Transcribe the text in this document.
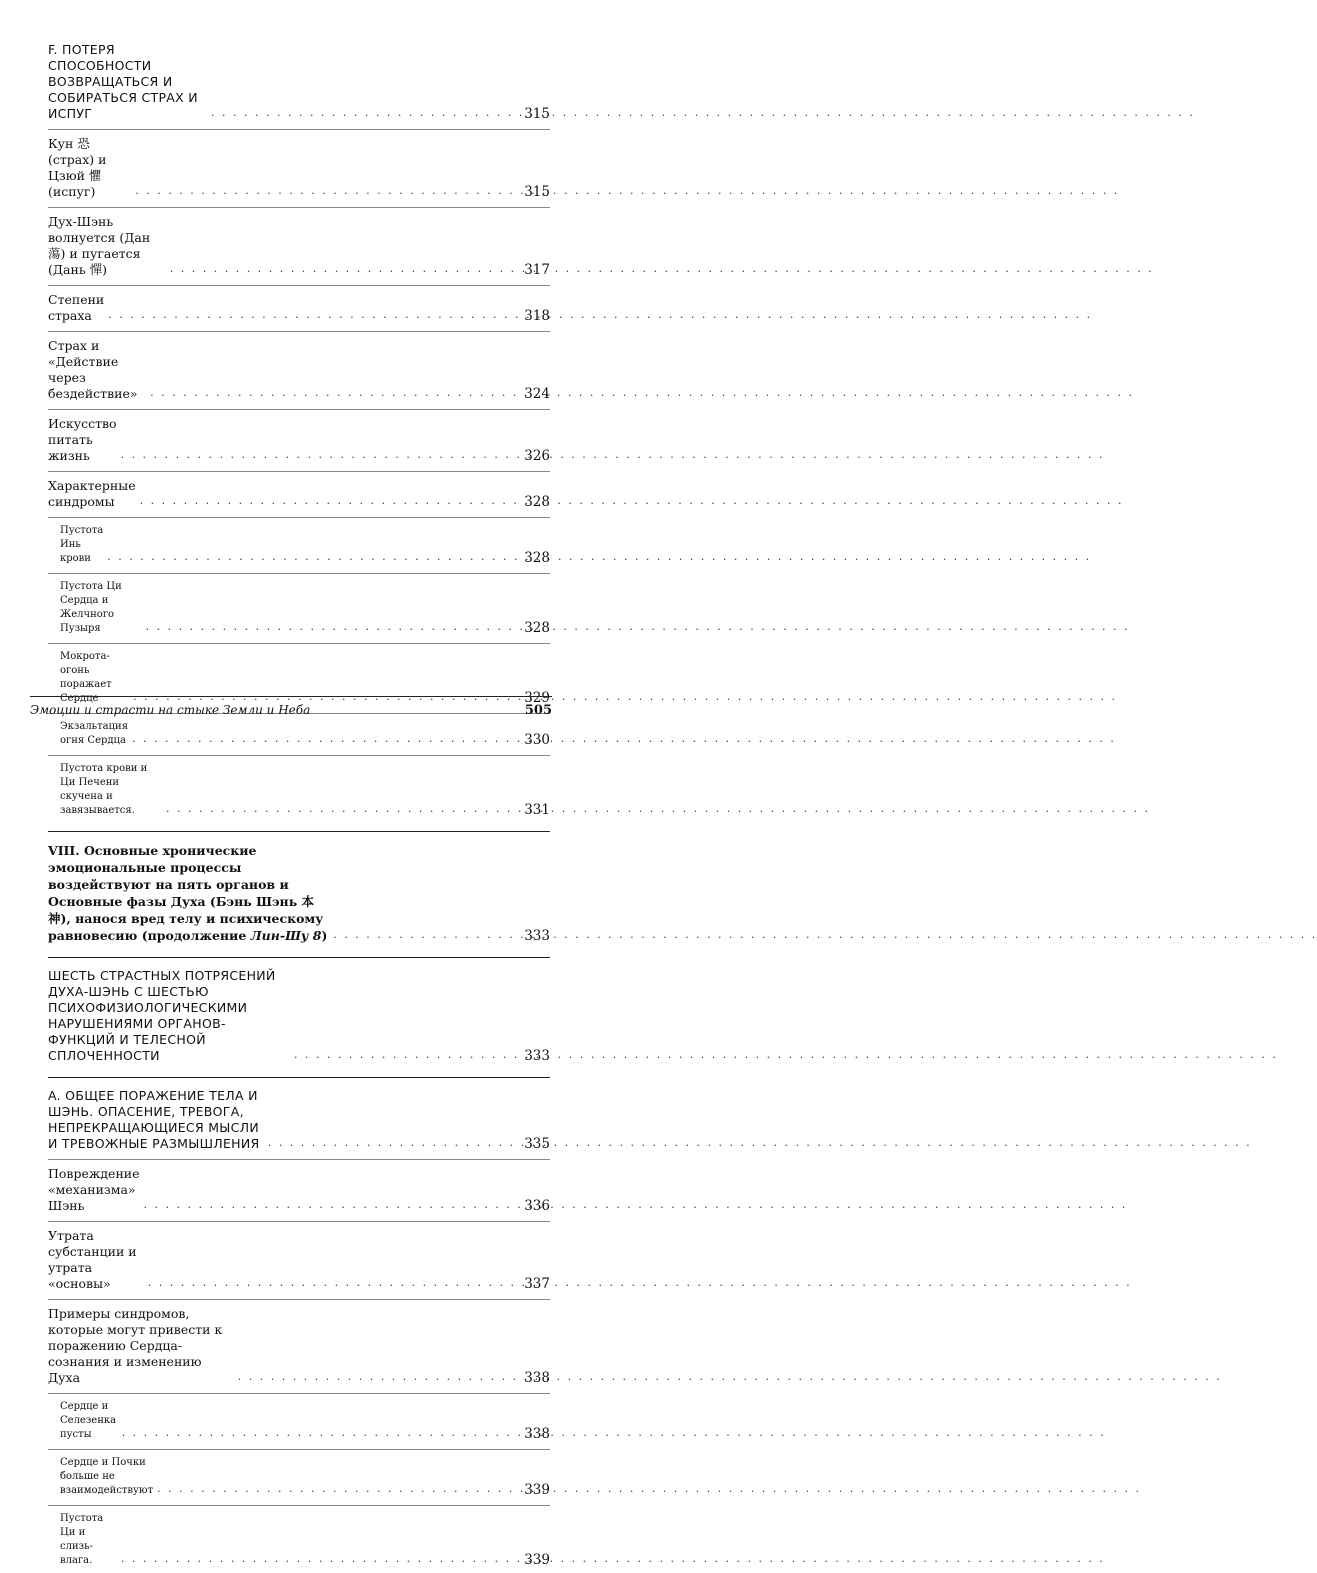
F. ПОТЕРЯ СПОСОБНОСТИ ВОЗВРАЩАТЬСЯ И СОБИРАТЬСЯ СТРАХ И ИСПУГ . . .	315
Кун 恐 (страх) и Цзюй 懼 (испуг) . . .	315
Дух-Шэнь волнуется (Дан 蕩) и пугается (Дань 憚) . . .	317
Степени страха . . .	318
Страх и «Действие через бездействие» . . .	324
Искусство питать жизнь . . .	326
Характерные синдромы . . .	328
Пустота Инь крови . . .	328
Пустота Ци Сердца и Желчного Пузыря . . .	328
Мокрота-огонь поражает Сердце . . .	329
Экзальтация огня Сердца . . .	330
Пустота крови и Ци Печени скучена и завязывается. . . .	331
VIII. Основные хронические эмоциональные процессы воздействуют на пять органов и Основные фазы Духа (Бэнь Шэнь 本神), нанося вред телу и психическому равновесию (продолжение Лин-Шу 8) . . .	333
ШЕСТЬ СТРАСТНЫХ ПОТРЯСЕНИЙ ДУХА-ШЭНЬ С ШЕСТЬЮ ПСИХОФИЗИОЛОГИЧЕСКИМИ НАРУШЕНИЯМИ ОРГАНОВ-ФУНКЦИЙ И ТЕЛЕСНОЙ СПЛОЧЕННОСТИ . . .	333
A. ОБЩЕЕ ПОРАЖЕНИЕ ТЕЛА И ШЭНЬ. ОПАСЕНИЕ, ТРЕВОГА, НЕПРЕКРАЩАЮЩИЕСЯ МЫСЛИ И ТРЕВОЖНЫЕ РАЗМЫШЛЕНИЯ . . .	335
Повреждение «механизма» Шэнь . . .	336
Утрата субстанции и утрата «основы» . . .	337
Примеры синдромов, которые могут привести к поражению Сердца-сознания и изменению Духа . . .	338
Сердце и Селезенка пусты . . .	338
Сердце и Почки больше не взаимодействуют . . .	339
Пустота Ци и слизь-влага. . . .	339
Эмоции и страсти на стыке Земли и Неба	505
